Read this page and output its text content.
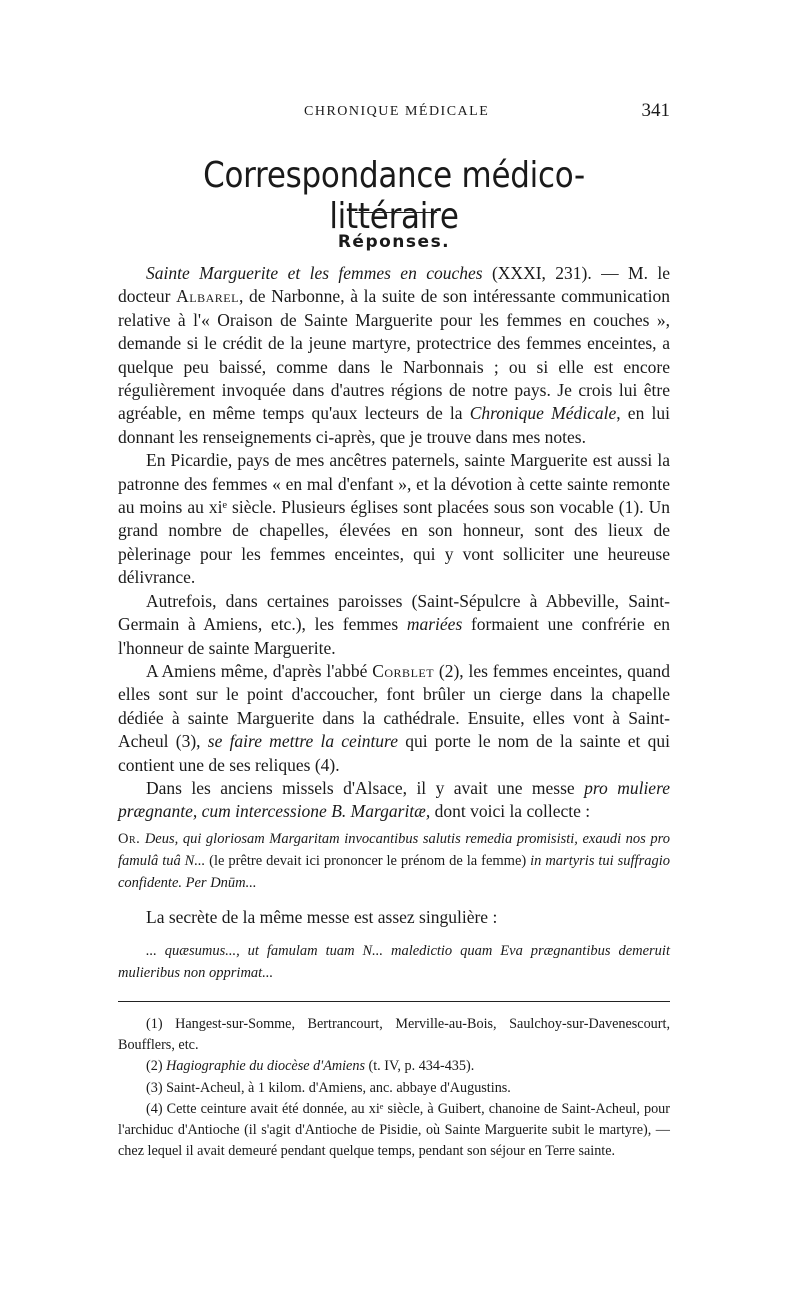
CHRONIQUE MÉDICALE	341
Correspondance médico-littéraire
Réponses.

Sainte Marguerite et les femmes en couches (XXXI, 231). — M. le docteur Albarel, de Narbonne, à la suite de son intéressante communication relative à l'« Oraison de Sainte Marguerite pour les femmes en couches », demande si le crédit de la jeune martyre, protectrice des femmes enceintes, a quelque peu baissé, comme dans le Narbonnais ; ou si elle est encore régulièrement invoquée dans d'autres régions de notre pays. Je crois lui être agréable, en même temps qu'aux lecteurs de la Chronique Médicale, en lui donnant les renseignements ci-après, que je trouve dans mes notes.

En Picardie, pays de mes ancêtres paternels, sainte Marguerite est aussi la patronne des femmes « en mal d'enfant », et la dévotion à cette sainte remonte au moins au xiᵉ siècle. Plusieurs églises sont placées sous son vocable (1). Un grand nombre de chapelles, élevées en son honneur, sont des lieux de pèlerinage pour les femmes enceintes, qui y vont solliciter une heureuse délivrance.

Autrefois, dans certaines paroisses (Saint-Sépulcre à Abbeville, Saint-Germain à Amiens, etc.), les femmes mariées formaient une confrérie en l'honneur de sainte Marguerite.

A Amiens même, d'après l'abbé Corblet (2), les femmes enceintes, quand elles sont sur le point d'accoucher, font brûler un cierge dans la chapelle dédiée à sainte Marguerite dans la cathédrale. Ensuite, elles vont à Saint-Acheul (3), se faire mettre la ceinture qui porte le nom de la sainte et qui contient une de ses reliques (4).

Dans les anciens missels d'Alsace, il y avait une messe pro muliere prægnante, cum intercessione B. Margaritæ, dont voici la collecte :

Or. Deus, qui gloriosam Margaritam invocantibus salutis remedia promisisti, exaudi nos pro famulâ tuâ N... (le prêtre devait ici prononcer le prénom de la femme) in martyris tui suffragio confidente. Per Dnūm...

La secrète de la même messe est assez singulière :

... quæsumus..., ut famulam tuam N... maledictio quam Eva prægnantibus demeruit mulieribus non opprimat...

(1) Hangest-sur-Somme, Bertrancourt, Merville-au-Bois, Saulchoy-sur-Davenescourt, Boufflers, etc.

(2) Hagiographie du diocèse d'Amiens (t. IV, p. 434-435).

(3) Saint-Acheul, à 1 kilom. d'Amiens, anc. abbaye d'Augustins.

(4) Cette ceinture avait été donnée, au xiᵉ siècle, à Guibert, chanoine de Saint-Acheul, pour l'archiduc d'Antioche (il s'agit d'Antioche de Pisidie, où Sainte Marguerite subit le martyre), — chez lequel il avait demeuré pendant quelque temps, pendant son séjour en Terre sainte.
